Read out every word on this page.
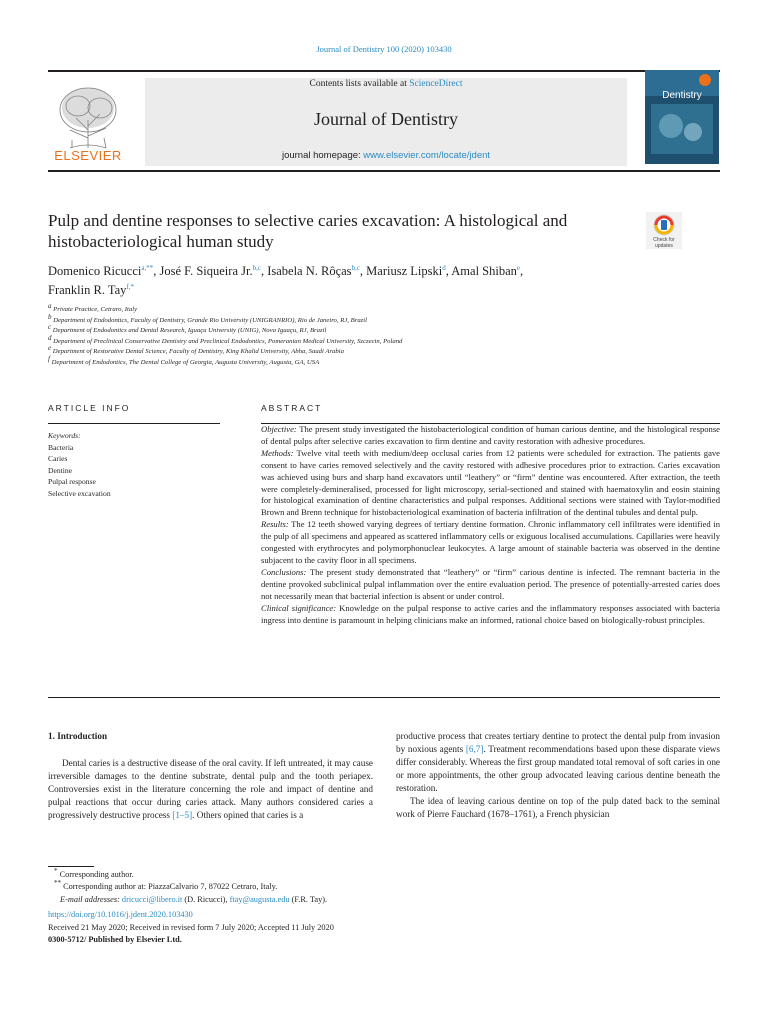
Journal of Dentistry 100 (2020) 103430
ELSEVIER
Contents lists available at ScienceDirect
Journal of Dentistry
journal homepage: www.elsevier.com/locate/jdent
Dentistry
Pulp and dentine responses to selective caries excavation: A histological and histobacteriological human study	Check for
updates
Domenico Ricucci$^{a,**}$, José F. Siqueira Jr.$^{b,c}$, Isabela N. Rôças$^{b,c}$, Mariusz Lipski$^d$, Amal Shiban$^e$,
Franklin R. Tay$^{f,*}$
$^a$ Private Practice, Cetraro, Italy
$^b$ Department of Endodontics, Faculty of Dentistry, Grande Rio University (UNIGRANRIO), Rio de Janeiro, RJ, Brazil
$^c$ Department of Endodontics and Dental Research, Iguaçu University (UNIG), Nova Iguaçu, RJ, Brazil
$^d$ Department of Preclinical Conservative Dentistry and Preclinical Endodontics, Pomeranian Medical University, Szczecin, Poland
$^e$ Department of Restorative Dental Science, Faculty of Dentistry, King Khalid University, Abha, Saudi Arabia
$^f$ Department of Endodontics, The Dental College of Georgia, Augusta University, Augusta, GA, USA
ARTICLE INFO	ABSTRACT
Keywords:
Bacteria
Caries
Dentine
Pulpal response
Selective excavation

Objective: The present study investigated the histobacteriological condition of human carious dentine, and the histological response of dental pulps after selective caries excavation to firm dentine and cavity restoration with adhesive procedures.

Methods: Twelve vital teeth with medium/deep occlusal caries from 12 patients were scheduled for extraction. The patients gave consent to have caries removed selectively and the cavity restored with adhesive procedures prior to extraction. Caries excavation was achieved using burs and sharp hand excavators until “leathery” or “firm” dentine was encountered. After extraction, the teeth were completely-demineralised, processed for light microscopy, serial-sectioned and stained with haematoxylin and eosin staining for histological examination of dentine characteristics and pulpal responses. Additional sections were stained with Taylor-modified Brown and Brenn technique for histobacteriological examination of bacteria infiltration of the dentinal tubules and dental pulp.

Results: The 12 teeth showed varying degrees of tertiary dentine formation. Chronic inflammatory cell infiltrates were identified in the pulp of all specimens and appeared as scattered inflammatory cells or exiguous localised accumulations. Capillaries were heavily congested with erythrocytes and polymorphonuclear leukocytes. A large amount of stainable bacteria was observed in the dentine subjacent to the cavity floor in all specimens.

Conclusions: The present study demonstrated that “leathery” or “firm” carious dentine is infected. The remnant bacteria in the dentine provoked subclinical pulpal inflammation over the entire evaluation period. The presence of potentially-arrested caries does not necessarily mean that bacterial infection is absent or under control.

Clinical significance: Knowledge on the pulpal response to active caries and the inflammatory responses associated with bacteria ingress into dentine is paramount in helping clinicians make an informed, rational choice based on biologically-robust principles.

1. Introduction

Dental caries is a destructive disease of the oral cavity. If left untreated, it may cause irreversible damages to the dentine substrate, dental pulp and the tooth periapex. Controversies exist in the literature concerning the role and impact of dentine and pulpal reactions that occur during caries attack. Many authors considered caries a progressively destructive process [1–5]. Others opined that caries is a

productive process that creates tertiary dentine to protect the dental pulp from invasion by noxious agents [6,7]. Treatment recommendations based upon these disparate views differ considerably. Whereas the first group mandated total removal of soft caries in one or more appointments, the other group advocated leaving carious dentine beneath the restoration.

The idea of leaving carious dentine on top of the pulp dated back to the seminal work of Pierre Fauchard (1678–1761), a French physician

* Corresponding author.
** Corresponding author at: PiazzaCalvario 7, 87022 Cetraro, Italy.
E-mail addresses: dricucci@libero.it (D. Ricucci), ftay@augusta.edu (F.R. Tay).
https://doi.org/10.1016/j.jdent.2020.103430
Received 21 May 2020; Received in revised form 7 July 2020; Accepted 11 July 2020
0300-5712/ Published by Elsevier Ltd.
